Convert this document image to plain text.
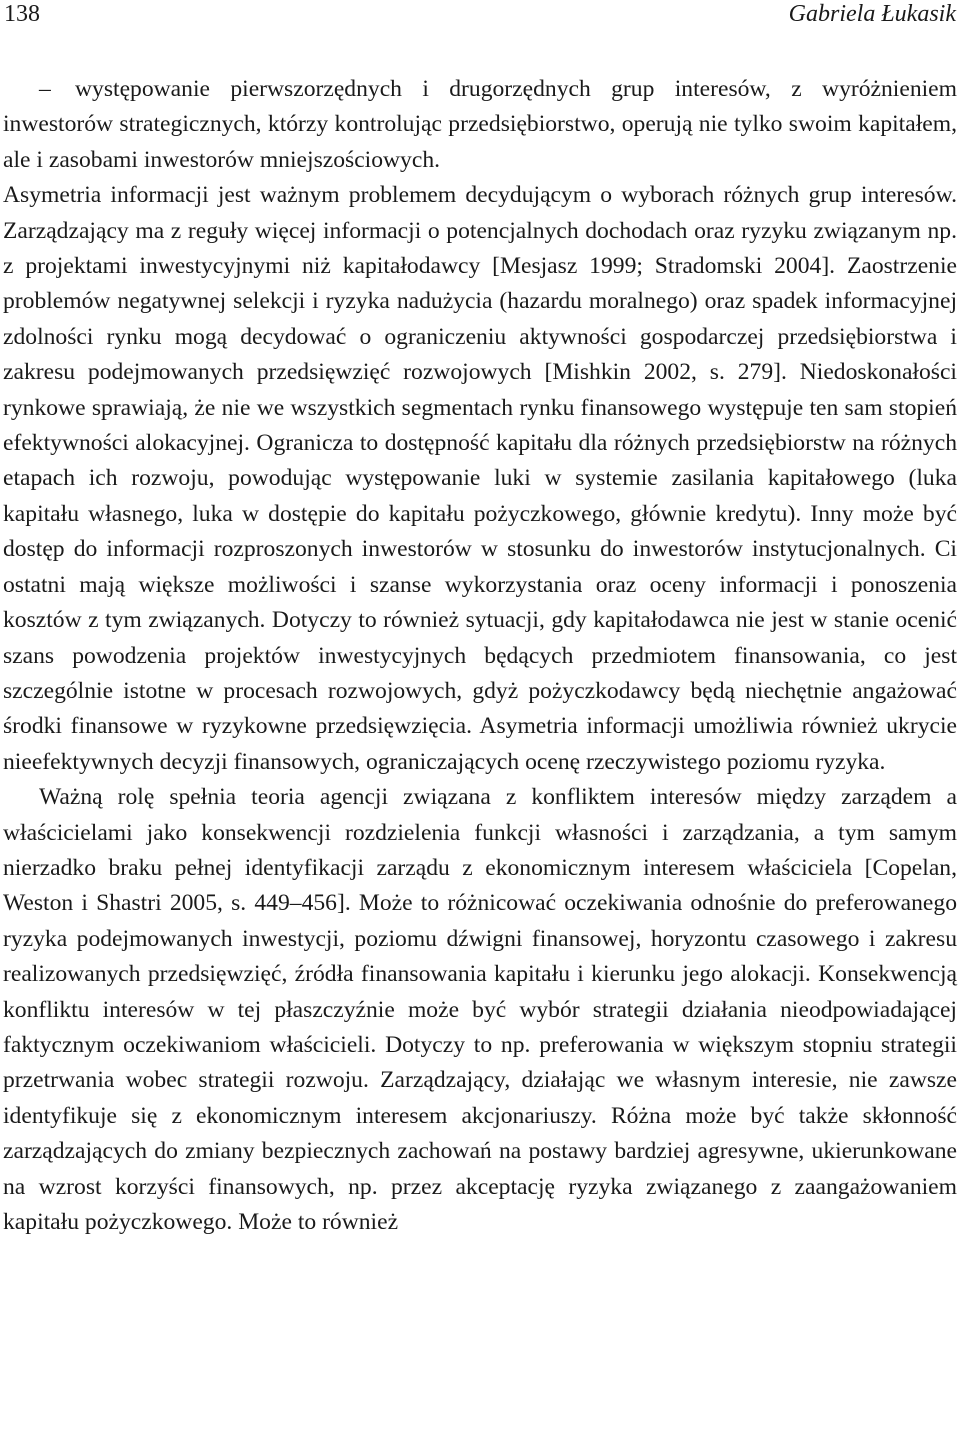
138	Gabriela Łukasik

– występowanie pierwszorzędnych i drugorzędnych grup interesów, z wyróżnieniem inwestorów strategicznych, którzy kontrolując przedsiębiorstwo, operują nie tylko swoim kapitałem, ale i zasobami inwestorów mniejszościowych.

Asymetria informacji jest ważnym problemem decydującym o wyborach różnych grup interesów. Zarządzający ma z reguły więcej informacji o potencjalnych dochodach oraz ryzyku związanym np. z projektami inwestycyjnymi niż kapitałodawcy [Mesjasz 1999; Stradomski 2004]. Zaostrzenie problemów negatywnej selekcji i ryzyka nadużycia (hazardu moralnego) oraz spadek informacyjnej zdolności rynku mogą decydować o ograniczeniu aktywności gospodarczej przedsiębiorstwa i zakresu podejmowanych przedsięwzięć rozwojowych [Mishkin 2002, s. 279]. Niedoskonałości rynkowe sprawiają, że nie we wszystkich segmentach rynku finansowego występuje ten sam stopień efektywności alokacyjnej. Ogranicza to dostępność kapitału dla różnych przedsiębiorstw na różnych etapach ich rozwoju, powodując występowanie luki w systemie zasilania kapitałowego (luka kapitału własnego, luka w dostępie do kapitału pożyczkowego, głównie kredytu). Inny może być dostęp do informacji rozproszonych inwestorów w stosunku do inwestorów instytucjonalnych. Ci ostatni mają większe możliwości i szanse wykorzystania oraz oceny informacji i ponoszenia kosztów z tym związanych. Dotyczy to również sytuacji, gdy kapitałodawca nie jest w stanie ocenić szans powodzenia projektów inwestycyjnych będących przedmiotem finansowania, co jest szczególnie istotne w procesach rozwojowych, gdyż pożyczkodawcy będą niechętnie angażować środki finansowe w ryzykowne przedsięwzięcia. Asymetria informacji umożliwia również ukrycie nieefektywnych decyzji finansowych, ograniczających ocenę rzeczywistego poziomu ryzyka.

Ważną rolę spełnia teoria agencji związana z konfliktem interesów między zarządem a właścicielami jako konsekwencji rozdzielenia funkcji własności i zarządzania, a tym samym nierzadko braku pełnej identyfikacji zarządu z ekonomicznym interesem właściciela [Copelan, Weston i Shastri 2005, s. 449–456]. Może to różnicować oczekiwania odnośnie do preferowanego ryzyka podejmowanych inwestycji, poziomu dźwigni finansowej, horyzontu czasowego i zakresu realizowanych przedsięwzięć, źródła finansowania kapitału i kierunku jego alokacji. Konsekwencją konfliktu interesów w tej płaszczyźnie może być wybór strategii działania nieodpowiadającej faktycznym oczekiwaniom właścicieli. Dotyczy to np. preferowania w większym stopniu strategii przetrwania wobec strategii rozwoju. Zarządzający, działając we własnym interesie, nie zawsze identyfikuje się z ekonomicznym interesem akcjonariuszy. Różna może być także skłonność zarządzających do zmiany bezpiecznych zachowań na postawy bardziej agresywne, ukierunkowane na wzrost korzyści finansowych, np. przez akceptację ryzyka związanego z zaangażowaniem kapitału pożyczkowego. Może to również
